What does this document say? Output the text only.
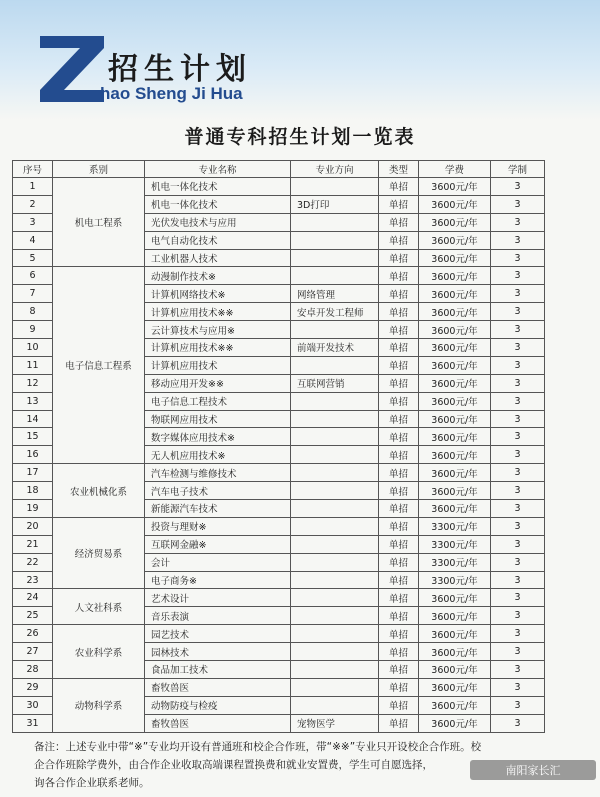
招生计划
hao Sheng Ji Hua
普通专科招生计划一览表
序号	系别	专业名称	专业方向	类型	学费	学制
1	机电工程系	机电一体化技术		单招	3600元/年	3
2		机电一体化技术	3D打印	单招	3600元/年	3
3		光伏发电技术与应用		单招	3600元/年	3
4		电气自动化技术		单招	3600元/年	3
5		工业机器人技术		单招	3600元/年	3
6	电子信息工程系	动漫制作技术※		单招	3600元/年	3
7		计算机网络技术※	网络管理	单招	3600元/年	3
8		计算机应用技术※※	安卓开发工程师	单招	3600元/年	3
9		云计算技术与应用※		单招	3600元/年	3
10		计算机应用技术※※	前端开发技术	单招	3600元/年	3
11		计算机应用技术		单招	3600元/年	3
12		移动应用开发※※	互联网营销	单招	3600元/年	3
13		电子信息工程技术		单招	3600元/年	3
14		物联网应用技术		单招	3600元/年	3
15		数字媒体应用技术※		单招	3600元/年	3
16		无人机应用技术※		单招	3600元/年	3
17	农业机械化系	汽车检测与维修技术		单招	3600元/年	3
18		汽车电子技术		单招	3600元/年	3
19		新能源汽车技术		单招	3600元/年	3
20	经济贸易系	投资与理财※		单招	3300元/年	3
21		互联网金融※		单招	3300元/年	3
22		会计		单招	3300元/年	3
23		电子商务※		单招	3300元/年	3
24	人文社科系	艺术设计		单招	3600元/年	3
25		音乐表演		单招	3600元/年	3
26	农业科学系	园艺技术		单招	3600元/年	3
27		园林技术		单招	3600元/年	3
28		食品加工技术		单招	3600元/年	3
29	动物科学系	畜牧兽医		单招	3600元/年	3
30		动物防疫与检疫		单招	3600元/年	3
31		畜牧兽医	宠物医学	单招	3600元/年	3
备注：上述专业中带“※”专业均开设有普通班和校企合作班，带“※※”专业只开设校企合作班。校
企合作班除学费外，由合作企业收取高端课程置换费和就业安置费，学生可自愿选择，
询各合作企业联系老师。
南阳家长汇
